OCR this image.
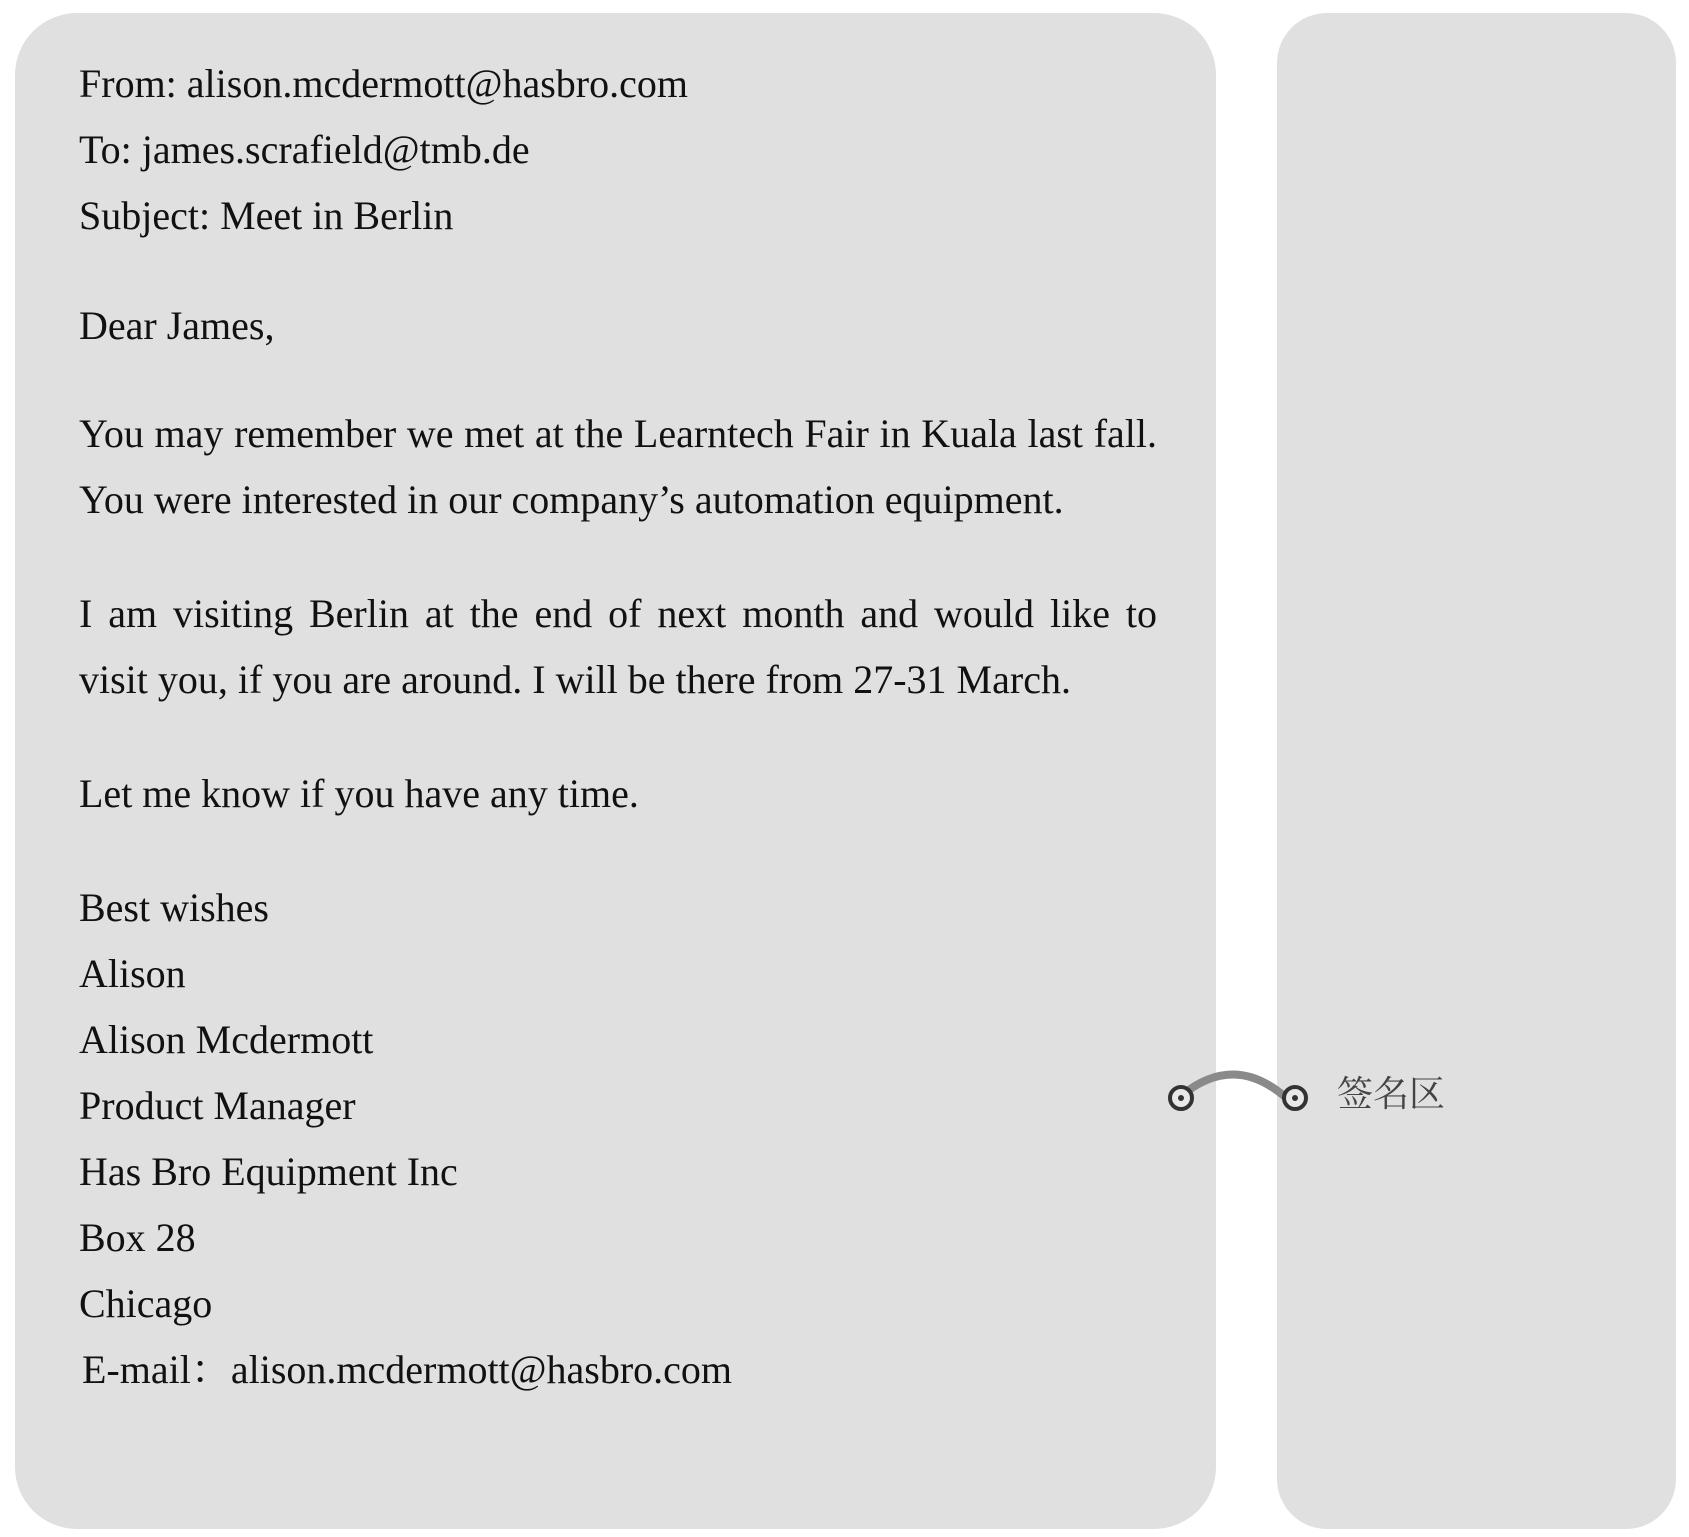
From: alison.mcdermott@hasbro.com

To: james.scrafield@tmb.de

Subject: Meet in Berlin

Dear James,

You may remember we met at the Learntech Fair in Kuala last fall. You were interested in our company’s automation equipment.

I am visiting Berlin at the end of next month and would like to visit you, if you are around. I will be there from 27-31 March.

Let me know if you have any time.

Best wishes

Alison

Alison Mcdermott

Product Manager

Has Bro Equipment Inc

Box 28

Chicago

E-mail：alison.mcdermott@hasbro.com

签名区
